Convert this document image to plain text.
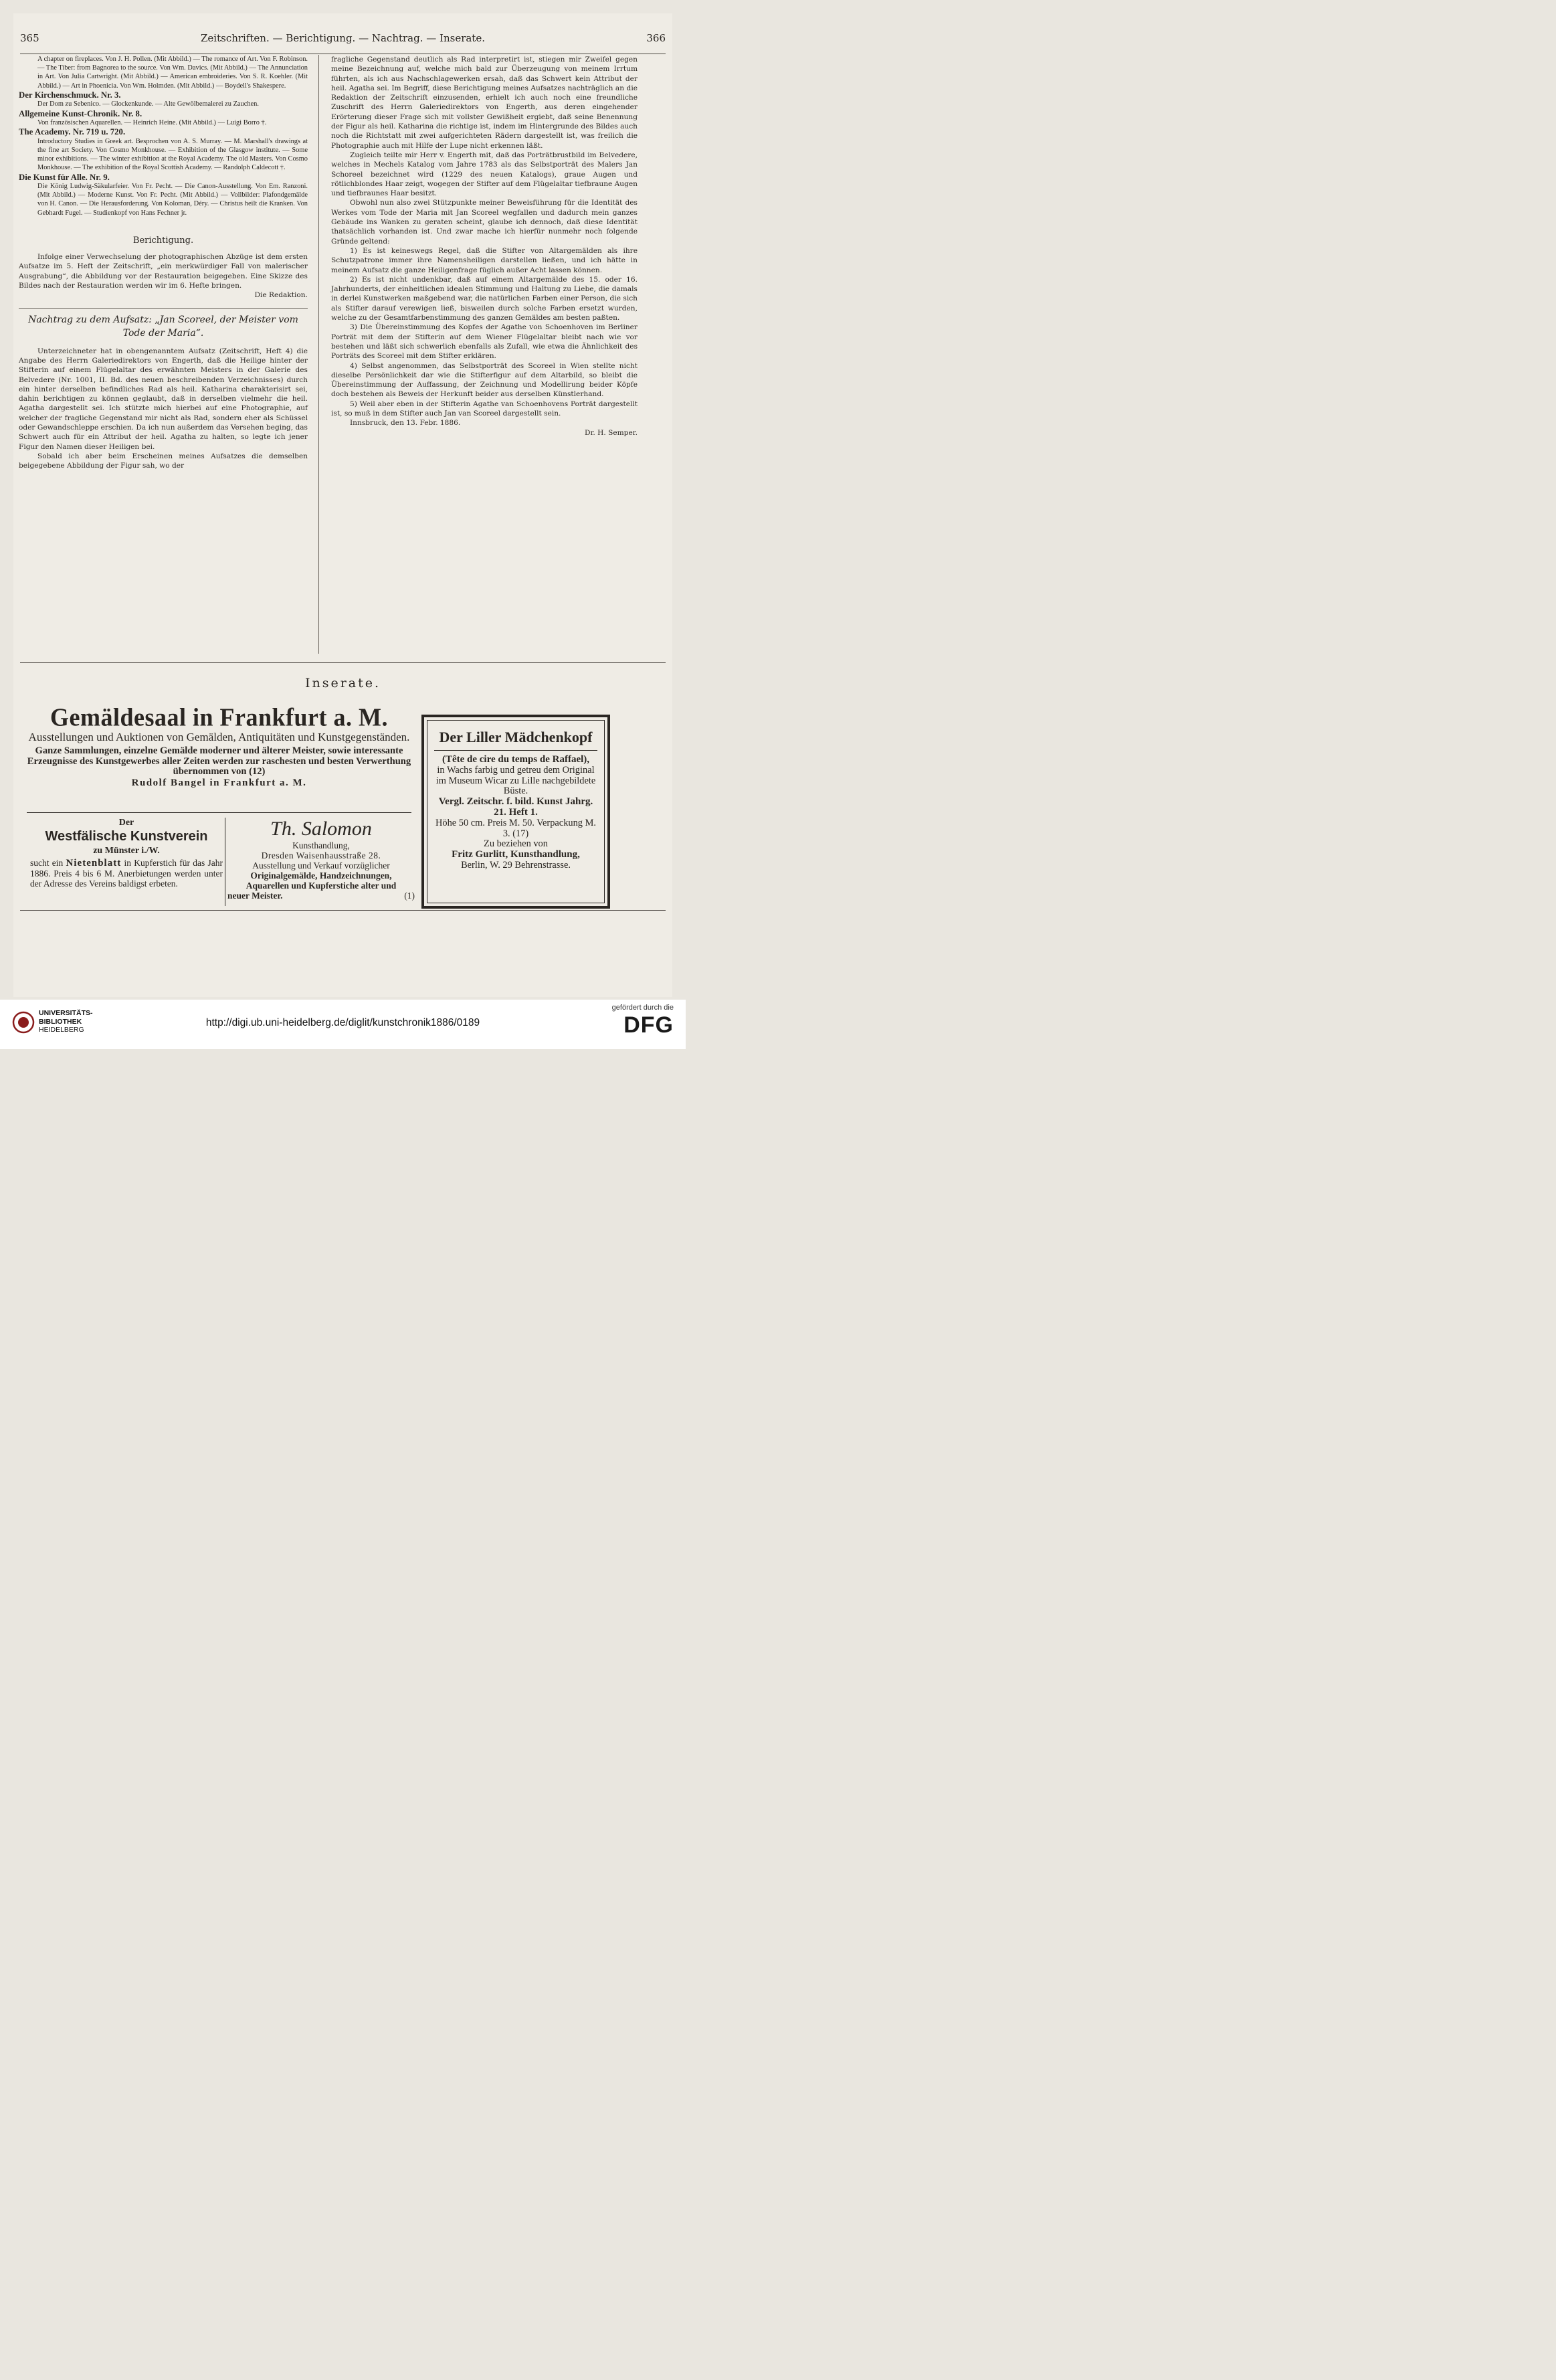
365	Zeitschriften. — Berichtigung. — Nachtrag. — Inserate.	366

A chapter on fireplaces. Von J. H. Pollen. (Mit Abbild.) — The romance of Art. Von F. Robinson. — The Tiber: from Bagnorea to the source. Von Wm. Davics. (Mit Abbild.) — The Annunciation in Art. Von Julia Cartwright. (Mit Abbild.) — American embroideries. Von S. R. Koehler. (Mit Abbild.) — Art in Phoenicia. Von Wm. Holmden. (Mit Abbild.) — Boydell's Shakespere.

Der Kirchenschmuck. Nr. 3.

Der Dom zu Sebenico. — Glockenkunde. — Alte Gewölbemalerei zu Zauchen.

Allgemeine Kunst-Chronik. Nr. 8.

Von französischen Aquarellen. — Heinrich Heine. (Mit Abbild.) — Luigi Borro †.

The Academy. Nr. 719 u. 720.

Introductory Studies in Greek art. Besprochen von A. S. Murray. — M. Marshall's drawings at the fine art Society. Von Cosmo Monkhouse. — Exhibition of the Glasgow institute. — Some minor exhibitions. — The winter exhibition at the Royal Academy. The old Masters. Von Cosmo Monkhouse. — The exhibition of the Royal Scottish Academy. — Randolph Caldecott †.

Die Kunst für Alle. Nr. 9.

Die König Ludwig-Säkularfeier. Von Fr. Pecht. — Die Canon-Ausstellung. Von Em. Ranzoni. (Mit Abbild.) — Moderne Kunst. Von Fr. Pecht. (Mit Abbild.) — Vollbilder: Plafondgemälde von H. Canon. — Die Herausforderung. Von Koloman, Déry. — Christus heilt die Kranken. Von Gebhardt Fugel. — Studienkopf von Hans Fechner jr.

Berichtigung.

Infolge einer Verwechselung der photographischen Abzüge ist dem ersten Aufsatze im 5. Heft der Zeitschrift, „ein merkwürdiger Fall von malerischer Ausgrabung“, die Abbildung vor der Restauration beigegeben. Eine Skizze des Bildes nach der Restauration werden wir im 6. Hefte bringen.

Die Redaktion.

Nachtrag zu dem Aufsatz: „Jan Scoreel, der Meister vom Tode der Maria“.

Unterzeichneter hat in obengenanntem Aufsatz (Zeitschrift, Heft 4) die Angabe des Herrn Galeriedirektors von Engerth, daß die Heilige hinter der Stifterin auf einem Flügelaltar des erwähnten Meisters in der Galerie des Belvedere (Nr. 1001, II. Bd. des neuen beschreibenden Verzeichnisses) durch ein hinter derselben befindliches Rad als heil. Katharina charakterisirt sei, dahin berichtigen zu können geglaubt, daß in derselben vielmehr die heil. Agatha dargestellt sei. Ich stützte mich hierbei auf eine Photographie, auf welcher der fragliche Gegenstand mir nicht als Rad, sondern eher als Schüssel oder Gewandschleppe erschien. Da ich nun außerdem das Versehen beging, das Schwert auch für ein Attribut der heil. Agatha zu halten, so legte ich jener Figur den Namen dieser Heiligen bei.

Sobald ich aber beim Erscheinen meines Aufsatzes die demselben beigegebene Abbildung der Figur sah, wo der

fragliche Gegenstand deutlich als Rad interpretirt ist, stiegen mir Zweifel gegen meine Bezeichnung auf, welche mich bald zur Überzeugung von meinem Irrtum führten, als ich aus Nachschlagewerken ersah, daß das Schwert kein Attribut der heil. Agatha sei. Im Begriff, diese Berichtigung meines Aufsatzes nachträglich an die Redaktion der Zeitschrift einzusenden, erhielt ich auch noch eine freundliche Zuschrift des Herrn Galeriedirektors von Engerth, aus deren eingehender Erörterung dieser Frage sich mit vollster Gewißheit ergiebt, daß seine Benennung der Figur als heil. Katharina die richtige ist, indem im Hintergrunde des Bildes auch noch die Richtstatt mit zwei aufgerichteten Rädern dargestellt ist, was freilich die Photographie auch mit Hilfe der Lupe nicht erkennen läßt.

Zugleich teilte mir Herr v. Engerth mit, daß das Porträtbrustbild im Belvedere, welches in Mechels Katalog vom Jahre 1783 als das Selbstporträt des Malers Jan Schoreel bezeichnet wird (1229 des neuen Katalogs), graue Augen und rötlichblondes Haar zeigt, wogegen der Stifter auf dem Flügelaltar tiefbraune Augen und tiefbraunes Haar besitzt.

Obwohl nun also zwei Stützpunkte meiner Beweisführung für die Identität des Werkes vom Tode der Maria mit Jan Scoreel wegfallen und dadurch mein ganzes Gebäude ins Wanken zu geraten scheint, glaube ich dennoch, daß diese Identität thatsächlich vorhanden ist. Und zwar mache ich hierfür nunmehr noch folgende Gründe geltend:

1) Es ist keineswegs Regel, daß die Stifter von Altargemälden als ihre Schutzpatrone immer ihre Namensheiligen darstellen ließen, und ich hätte in meinem Aufsatz die ganze Heiligenfrage füglich außer Acht lassen können.

2) Es ist nicht undenkbar, daß auf einem Altargemälde des 15. oder 16. Jahrhunderts, der einheitlichen idealen Stimmung und Haltung zu Liebe, die damals in derlei Kunstwerken maßgebend war, die natürlichen Farben einer Person, die sich als Stifter darauf verewigen ließ, bisweilen durch solche Farben ersetzt wurden, welche zu der Gesamtfarbenstimmung des ganzen Gemäldes am besten paßten.

3) Die Übereinstimmung des Kopfes der Agathe von Schoenhoven im Berliner Porträt mit dem der Stifterin auf dem Wiener Flügelaltar bleibt nach wie vor bestehen und läßt sich schwerlich ebenfalls als Zufall, wie etwa die Ähnlichkeit des Porträts des Scoreel mit dem Stifter erklären.

4) Selbst angenommen, das Selbstporträt des Scoreel in Wien stellte nicht dieselbe Persönlichkeit dar wie die Stifterfigur auf dem Altarbild, so bleibt die Übereinstimmung der Auffassung, der Zeichnung und Modellirung beider Köpfe doch bestehen als Beweis der Herkunft beider aus derselben Künstlerhand.

5) Weil aber eben in der Stifterin Agathe van Schoenhovens Porträt dargestellt ist, so muß in dem Stifter auch Jan van Scoreel dargestellt sein.

Innsbruck, den 13. Febr. 1886.

Dr. H. Semper.

Inserate.
Gemäldesaal in Frankfurt a. M.
Ausstellungen und Auktionen von Gemälden, Antiquitäten und Kunstgegenständen.
Ganze Sammlungen, einzelne Gemälde moderner und älterer Meister, sowie interessante Erzeugnisse des Kunstgewerbes aller Zeiten werden zur raschesten und besten Verwerthung übernommen von (12)
Rudolf Bangel in Frankfurt a. M.
Der Liller Mädchenkopf
(Tête de cire du temps de Raffael),
in Wachs farbig und getreu dem Original im Museum Wicar zu Lille nachgebildete Büste.
Vergl. Zeitschr. f. bild. Kunst Jahrg. 21. Heft 1.
Höhe 50 cm. Preis M. 50. Verpackung M. 3. (17)
Zu beziehen von
Fritz Gurlitt, Kunsthandlung,
Berlin, W. 29 Behrenstrasse.
Der
Westfälische Kunstverein
zu Münster i./W.
sucht ein Nietenblatt in Kupferstich für das Jahr 1886. Preis 4 bis 6 M. Anerbietungen werden unter der Adresse des Vereins baldigst erbeten.
Th. Salomon
Kunsthandlung,
Dresden Waisenhausstraße 28.
Ausstellung und Verkauf vorzüglicher
Originalgemälde, Handzeichnungen,
Aquarellen und Kupferstiche alter und
neuer Meister.	(1)
UNIVERSITÄTS-
BIBLIOTHEK
HEIDELBERG
http://digi.ub.uni-heidelberg.de/diglit/kunstchronik1886/0189
gefördert durch die
DFG
